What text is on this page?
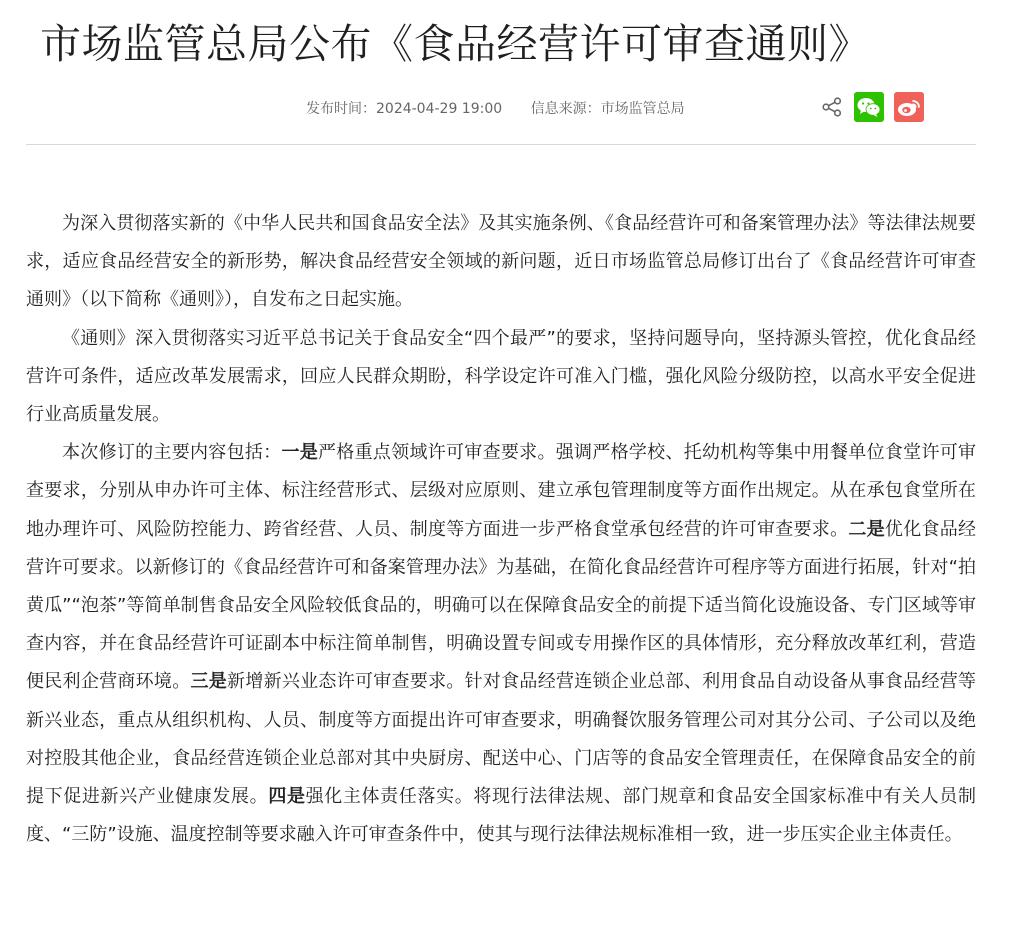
市场监管总局公布《食品经营许可审查通则》
发布时间：2024-04-29 19:00 信息来源：市场监管总局

为深入贯彻落实新的《中华人民共和国食品安全法》及其实施条例、《食品经营许可和备案管理办法》等法律法规要求，适应食品经营安全的新形势，解决食品经营安全领域的新问题，近日市场监管总局修订出台了《食品经营许可审查通则》（以下简称《通则》），自发布之日起实施。

《通则》深入贯彻落实习近平总书记关于食品安全“四个最严”的要求，坚持问题导向，坚持源头管控，优化食品经营许可条件，适应改革发展需求，回应人民群众期盼，科学设定许可准入门槛，强化风险分级防控，以高水平安全促进行业高质量发展。

本次修订的主要内容包括：一是严格重点领域许可审查要求。强调严格学校、托幼机构等集中用餐单位食堂许可审查要求，分别从申办许可主体、标注经营形式、层级对应原则、建立承包管理制度等方面作出规定。从在承包食堂所在地办理许可、风险防控能力、跨省经营、人员、制度等方面进一步严格食堂承包经营的许可审查要求。二是优化食品经营许可要求。以新修订的《食品经营许可和备案管理办法》为基础，在简化食品经营许可程序等方面进行拓展，针对“拍黄瓜”“泡茶”等简单制售食品安全风险较低食品的，明确可以在保障食品安全的前提下适当简化设施设备、专门区域等审查内容，并在食品经营许可证副本中标注简单制售，明确设置专间或专用操作区的具体情形，充分释放改革红利，营造便民利企营商环境。三是新增新兴业态许可审查要求。针对食品经营连锁企业总部、利用食品自动设备从事食品经营等新兴业态，重点从组织机构、人员、制度等方面提出许可审查要求，明确餐饮服务管理公司对其分公司、子公司以及绝对控股其他企业，食品经营连锁企业总部对其中央厨房、配送中心、门店等的食品安全管理责任，在保障食品安全的前提下促进新兴产业健康发展。四是强化主体责任落实。将现行法律法规、部门规章和食品安全国家标准中有关人员制度、“三防”设施、温度控制等要求融入许可审查条件中，使其与现行法律法规标准相一致，进一步压实企业主体责任。
